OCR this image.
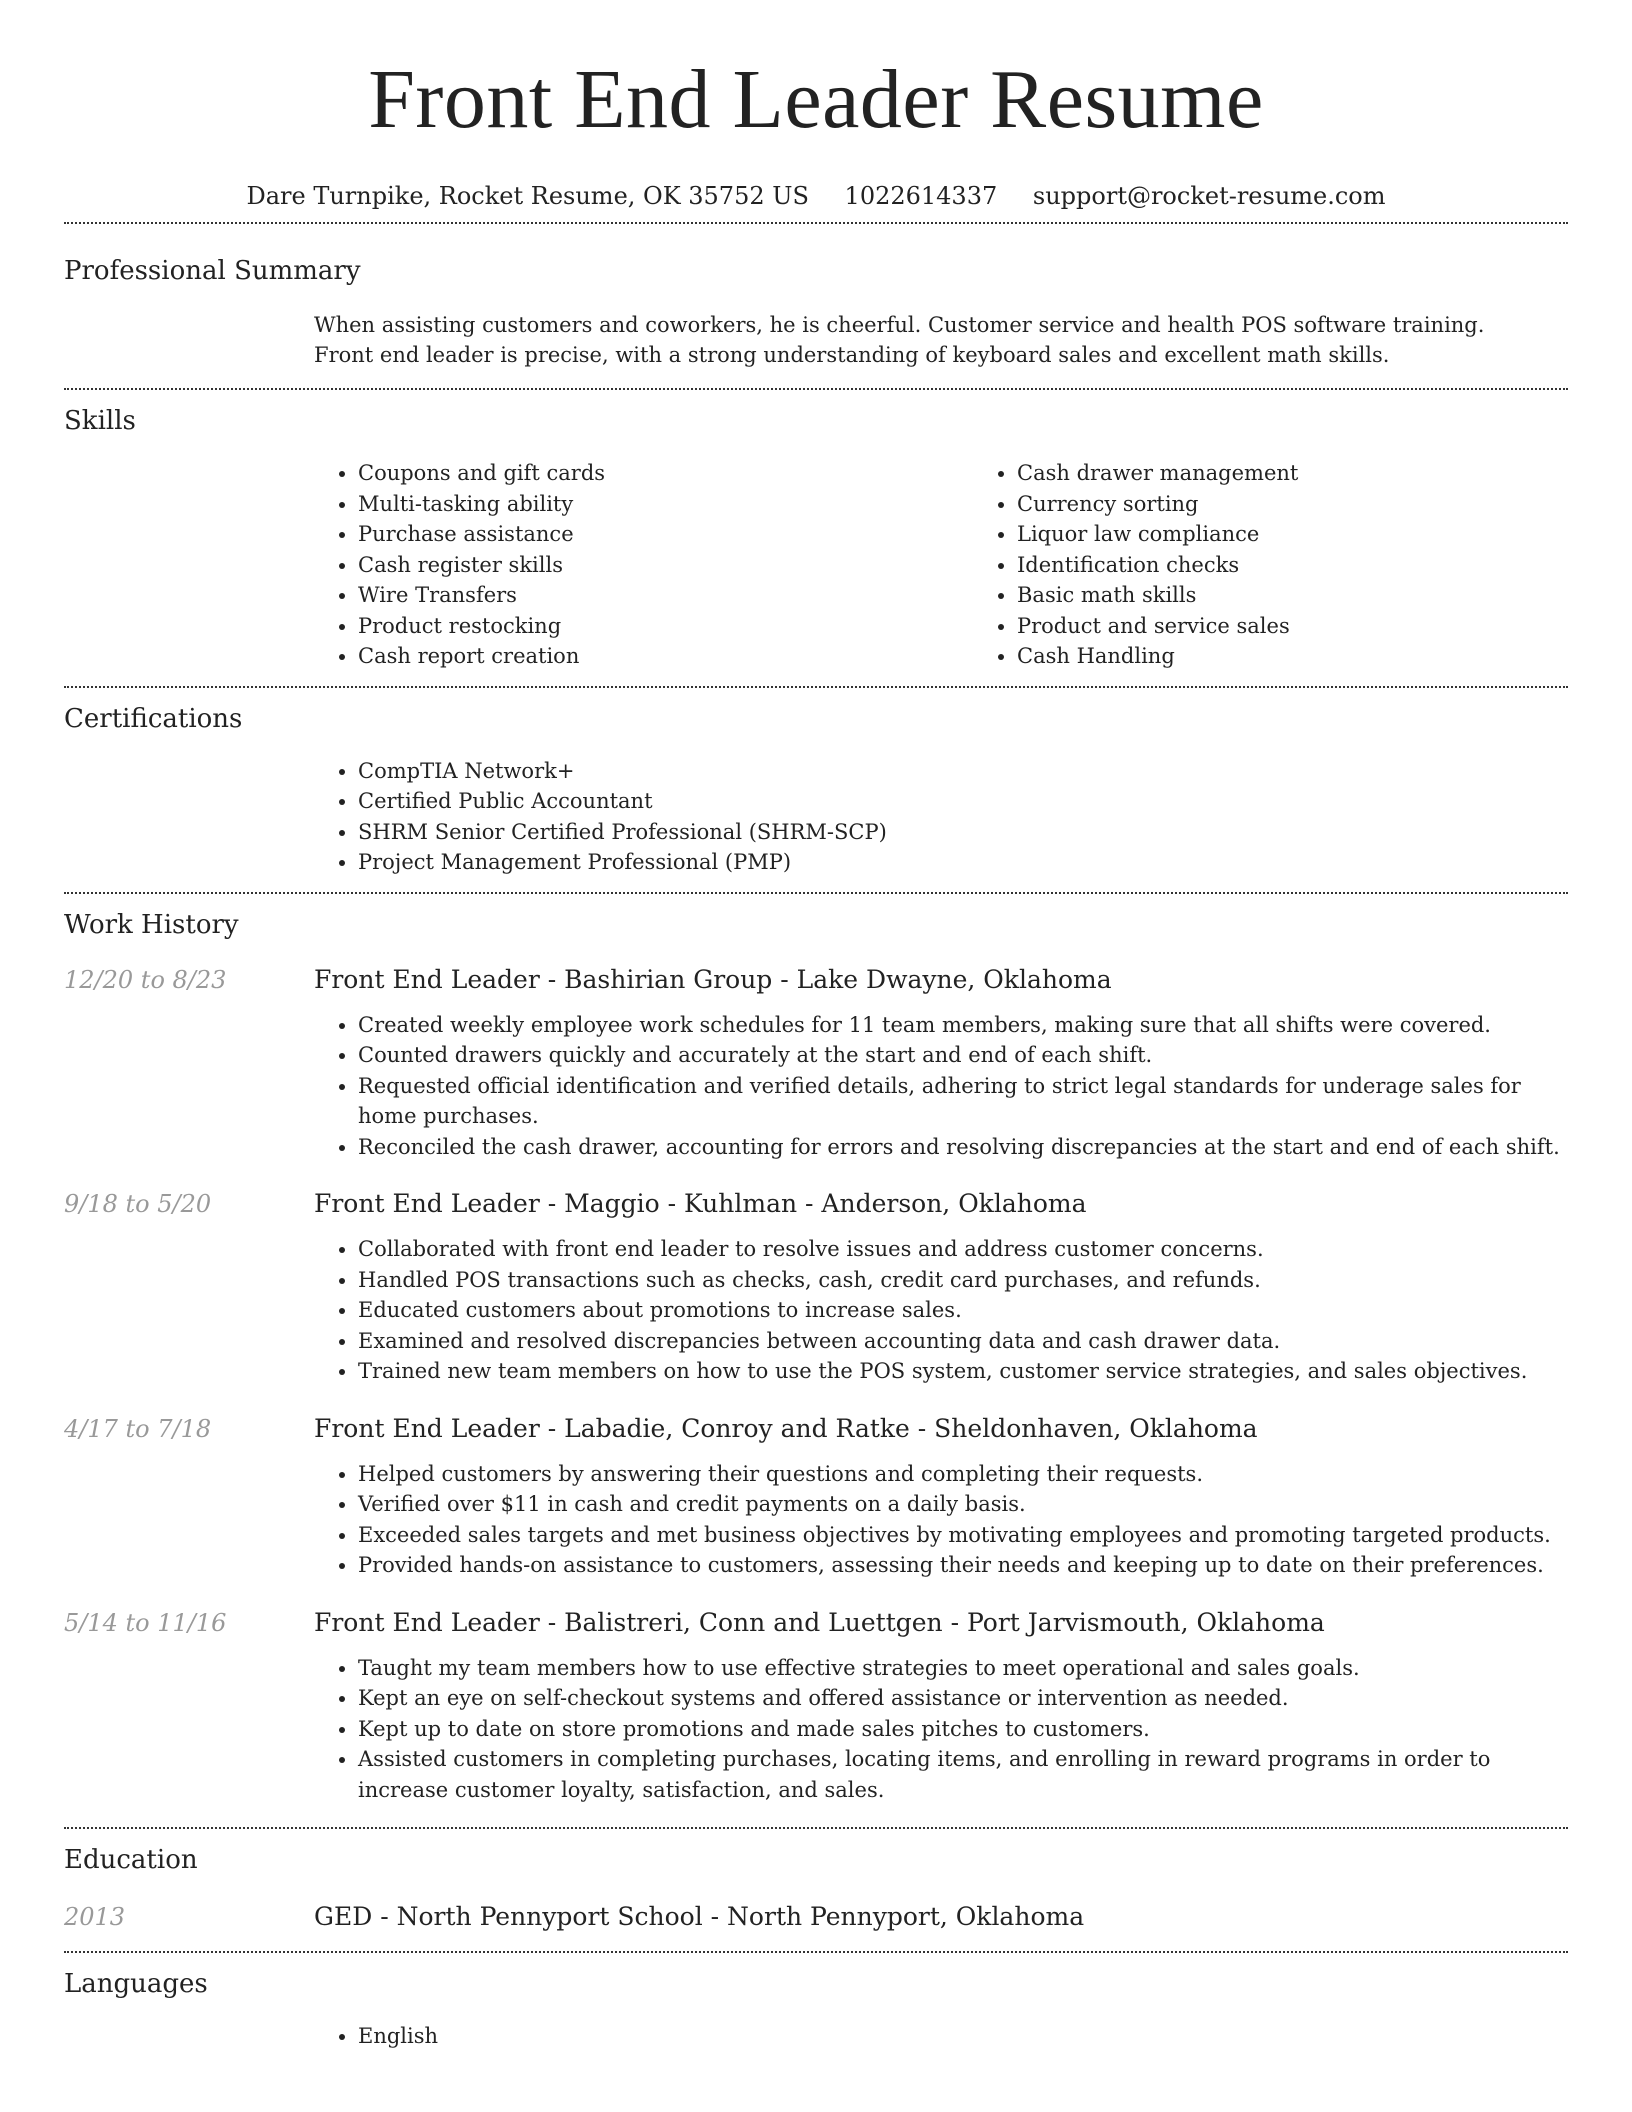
Front End Leader Resume
Dare Turnpike, Rocket Resume, OK 35752 US 1022614337 support@rocket-resume.com
Professional Summary
When assisting customers and coworkers, he is cheerful. Customer service and health POS software training. Front end leader is precise, with a strong understanding of keyboard sales and excellent math skills.
Skills
• Coupons and gift cards
• Multi-tasking ability
• Purchase assistance
• Cash register skills
• Wire Transfers
• Product restocking
• Cash report creation
• Cash drawer management
• Currency sorting
• Liquor law compliance
• Identification checks
• Basic math skills
• Product and service sales
• Cash Handling
Certifications
• CompTIA Network+
• Certified Public Accountant
• SHRM Senior Certified Professional (SHRM-SCP)
• Project Management Professional (PMP)
Work History
12/20 to 8/23	Front End Leader - Bashirian Group - Lake Dwayne, Oklahoma
• Created weekly employee work schedules for 11 team members, making sure that all shifts were covered.
• Counted drawers quickly and accurately at the start and end of each shift.
• Requested official identification and verified details, adhering to strict legal standards for underage sales for home purchases.
• Reconciled the cash drawer, accounting for errors and resolving discrepancies at the start and end of each shift.
9/18 to 5/20	Front End Leader - Maggio - Kuhlman - Anderson, Oklahoma
• Collaborated with front end leader to resolve issues and address customer concerns.
• Handled POS transactions such as checks, cash, credit card purchases, and refunds.
• Educated customers about promotions to increase sales.
• Examined and resolved discrepancies between accounting data and cash drawer data.
• Trained new team members on how to use the POS system, customer service strategies, and sales objectives.
4/17 to 7/18	Front End Leader - Labadie, Conroy and Ratke - Sheldonhaven, Oklahoma
• Helped customers by answering their questions and completing their requests.
• Verified over $11 in cash and credit payments on a daily basis.
• Exceeded sales targets and met business objectives by motivating employees and promoting targeted products.
• Provided hands-on assistance to customers, assessing their needs and keeping up to date on their preferences.
5/14 to 11/16	Front End Leader - Balistreri, Conn and Luettgen - Port Jarvismouth, Oklahoma
• Taught my team members how to use effective strategies to meet operational and sales goals.
• Kept an eye on self-checkout systems and offered assistance or intervention as needed.
• Kept up to date on store promotions and made sales pitches to customers.
• Assisted customers in completing purchases, locating items, and enrolling in reward programs in order to increase customer loyalty, satisfaction, and sales.
Education
2013	GED - North Pennyport School - North Pennyport, Oklahoma
Languages
• English
